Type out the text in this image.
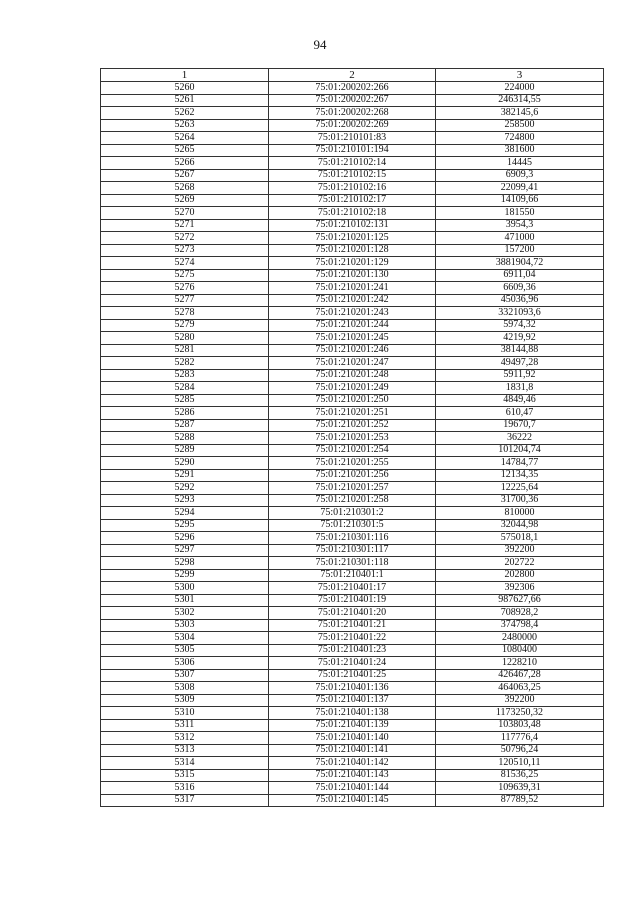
94
1	2	3
5260	75:01:200202:266	224000
5261	75:01:200202:267	246314,55
5262	75:01:200202:268	382145,6
5263	75:01:200202:269	258500
5264	75:01:210101:83	724800
5265	75:01:210101:194	381600
5266	75:01:210102:14	14445
5267	75:01:210102:15	6909,3
5268	75:01:210102:16	22099,41
5269	75:01:210102:17	14109,66
5270	75:01:210102:18	181550
5271	75:01:210102:131	3954,3
5272	75:01:210201:125	471000
5273	75:01:210201:128	157200
5274	75:01:210201:129	3881904,72
5275	75:01:210201:130	6911,04
5276	75:01:210201:241	6609,36
5277	75:01:210201:242	45036,96
5278	75:01:210201:243	3321093,6
5279	75:01:210201:244	5974,32
5280	75:01:210201:245	4219,92
5281	75:01:210201:246	38144,88
5282	75:01:210201:247	49497,28
5283	75:01:210201:248	5911,92
5284	75:01:210201:249	1831,8
5285	75:01:210201:250	4849,46
5286	75:01:210201:251	610,47
5287	75:01:210201:252	19670,7
5288	75:01:210201:253	36222
5289	75:01:210201:254	101204,74
5290	75:01:210201:255	14784,77
5291	75:01:210201:256	12134,35
5292	75:01:210201:257	12225,64
5293	75:01:210201:258	31700,36
5294	75:01:210301:2	810000
5295	75:01:210301:5	32044,98
5296	75:01:210301:116	575018,1
5297	75:01:210301:117	392200
5298	75:01:210301:118	202722
5299	75:01:210401:1	202800
5300	75:01:210401:17	392306
5301	75:01:210401:19	987627,66
5302	75:01:210401:20	708928,2
5303	75:01:210401:21	374798,4
5304	75:01:210401:22	2480000
5305	75:01:210401:23	1080400
5306	75:01:210401:24	1228210
5307	75:01:210401:25	426467,28
5308	75:01:210401:136	464063,25
5309	75:01:210401:137	392200
5310	75:01:210401:138	1173250,32
5311	75:01:210401:139	103803,48
5312	75:01:210401:140	117776,4
5313	75:01:210401:141	50796,24
5314	75:01:210401:142	120510,11
5315	75:01:210401:143	81536,25
5316	75:01:210401:144	109639,31
5317	75:01:210401:145	87789,52
